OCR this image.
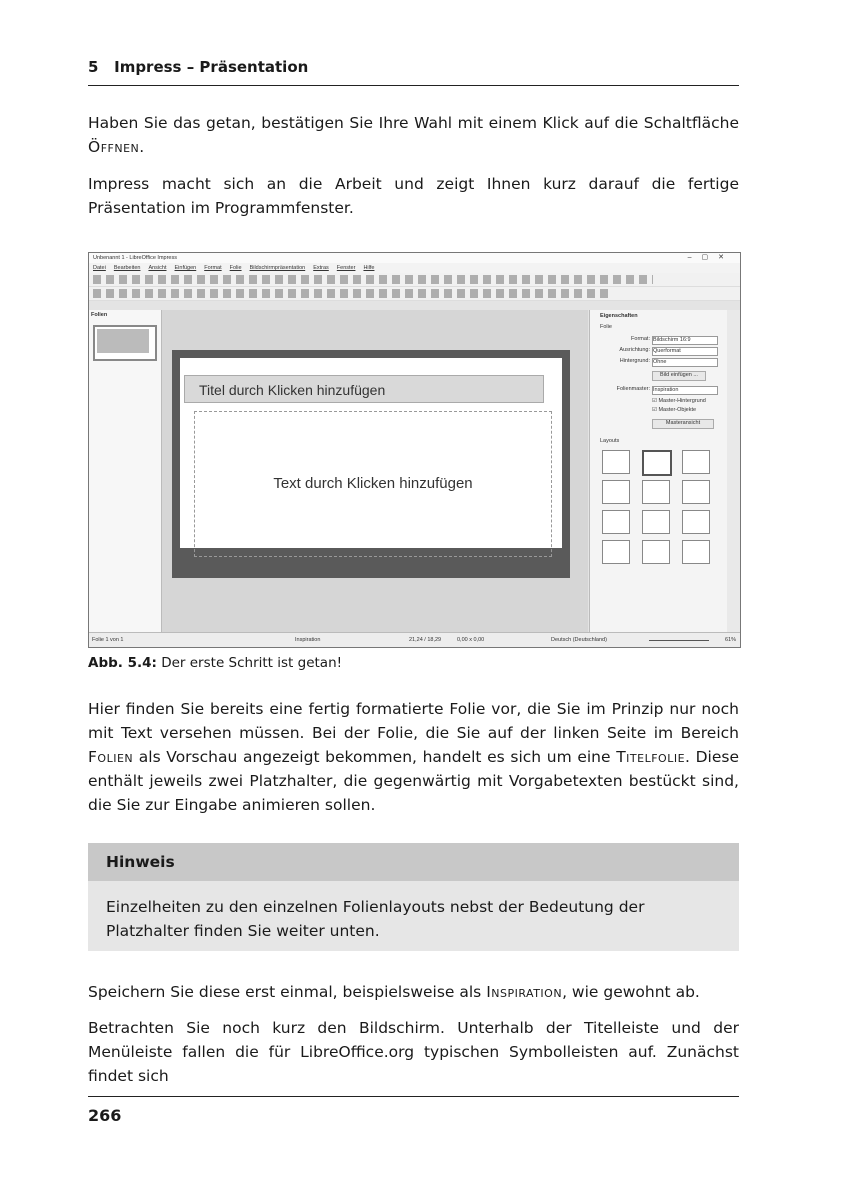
5 Impress – Präsentation
Haben Sie das getan, bestätigen Sie Ihre Wahl mit einem Klick auf die Schaltfläche Öffnen.
Impress macht sich an die Arbeit und zeigt Ihnen kurz darauf die fertige Präsentation im Programmfenster.
Unbenannt 1 - LibreOffice Impress	–▢✕
Datei Bearbeiten Ansicht Einfügen Format Folie Bildschirmpräsentation Extras Fenster Hilfe
Folien
Titel durch Klicken hinzufügen
Text durch Klicken hinzufügen
Eigenschaften
Folie
Format: Bildschirm 16:9
Ausrichtung: Querformat
Hintergrund: Ohne
Bild einfügen ...
Folienmaster: Inspiration
☑ Master-Hintergrund
☑ Master-Objekte
Masteransicht
Layouts
Folie 1 von 1	Inspiration	21,24 / 18,29	0,00 x 0,00	Deutsch (Deutschland)	61%
Abb. 5.4: Der erste Schritt ist getan!
Hier finden Sie bereits eine fertig formatierte Folie vor, die Sie im Prinzip nur noch mit Text versehen müssen. Bei der Folie, die Sie auf der linken Seite im Bereich Folien als Vorschau angezeigt bekommen, handelt es sich um eine Titelfolie. Diese enthält jeweils zwei Platzhalter, die gegenwärtig mit Vorgabetexten bestückt sind, die Sie zur Eingabe animieren sollen.
Hinweis
Einzelheiten zu den einzelnen Folienlayouts nebst der Bedeutung der Platzhalter finden Sie weiter unten.
Speichern Sie diese erst einmal, beispielsweise als Inspiration, wie gewohnt ab.
Betrachten Sie noch kurz den Bildschirm. Unterhalb der Titelleiste und der Menüleiste fallen die für LibreOffice.org typischen Symbolleisten auf. Zunächst findet sich
266
